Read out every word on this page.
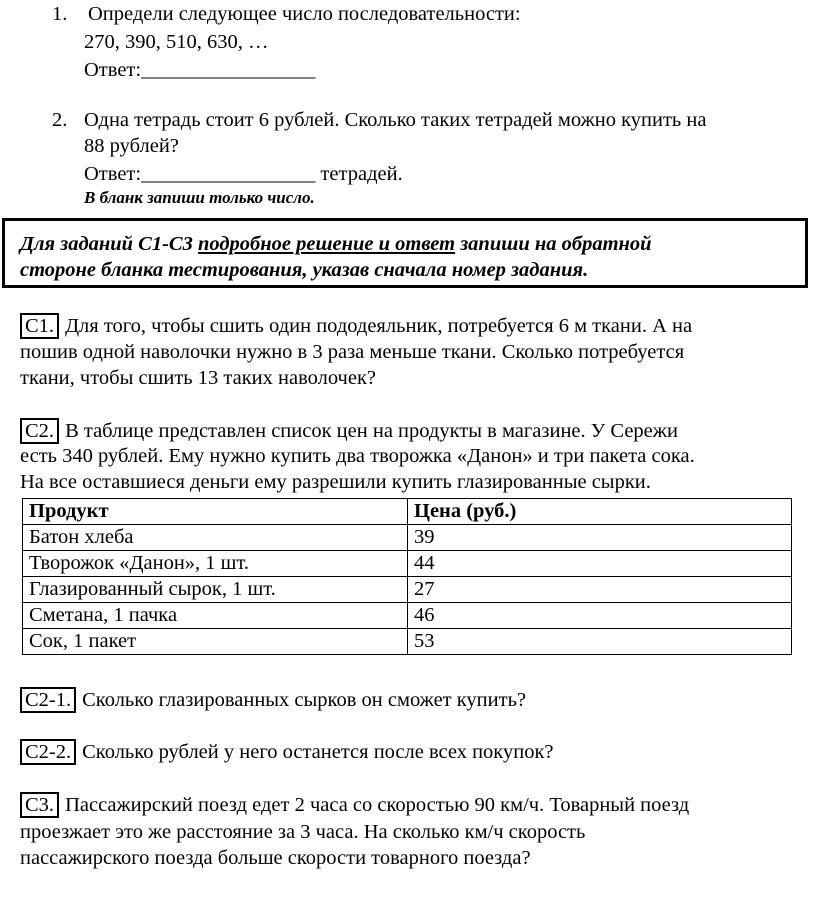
1. Определи следующее число последовательности:
270, 390, 510, 630, …
Ответ:_________________
2. Одна тетрадь стоит 6 рублей. Сколько таких тетрадей можно купить на
88 рублей?
Ответ:_________________ тетрадей.
В бланк запиши только число.
Для заданий С1-С3 подробное решение и ответ запиши на обратной
стороне бланка тестирования, указав сначала номер задания.
С1. Для того, чтобы сшить один пододеяльник, потребуется 6 м ткани. А на
пошив одной наволочки нужно в 3 раза меньше ткани. Сколько потребуется
ткани, чтобы сшить 13 таких наволочек?
С2. В таблице представлен список цен на продукты в магазине. У Сережи
есть 340 рублей. Ему нужно купить два творожка «Данон» и три пакета сока.
На все оставшиеся деньги ему разрешили купить глазированные сырки.
Продукт	Цена (руб.)
Батон хлеба	39
Творожок «Данон», 1 шт.	44
Глазированный сырок, 1 шт.	27
Сметана, 1 пачка	46
Сок, 1 пакет	53
С2-1. Сколько глазированных сырков он сможет купить?
С2-2. Сколько рублей у него останется после всех покупок?
С3. Пассажирский поезд едет 2 часа со скоростью 90 км/ч. Товарный поезд
проезжает это же расстояние за 3 часа. На сколько км/ч скорость
пассажирского поезда больше скорости товарного поезда?
